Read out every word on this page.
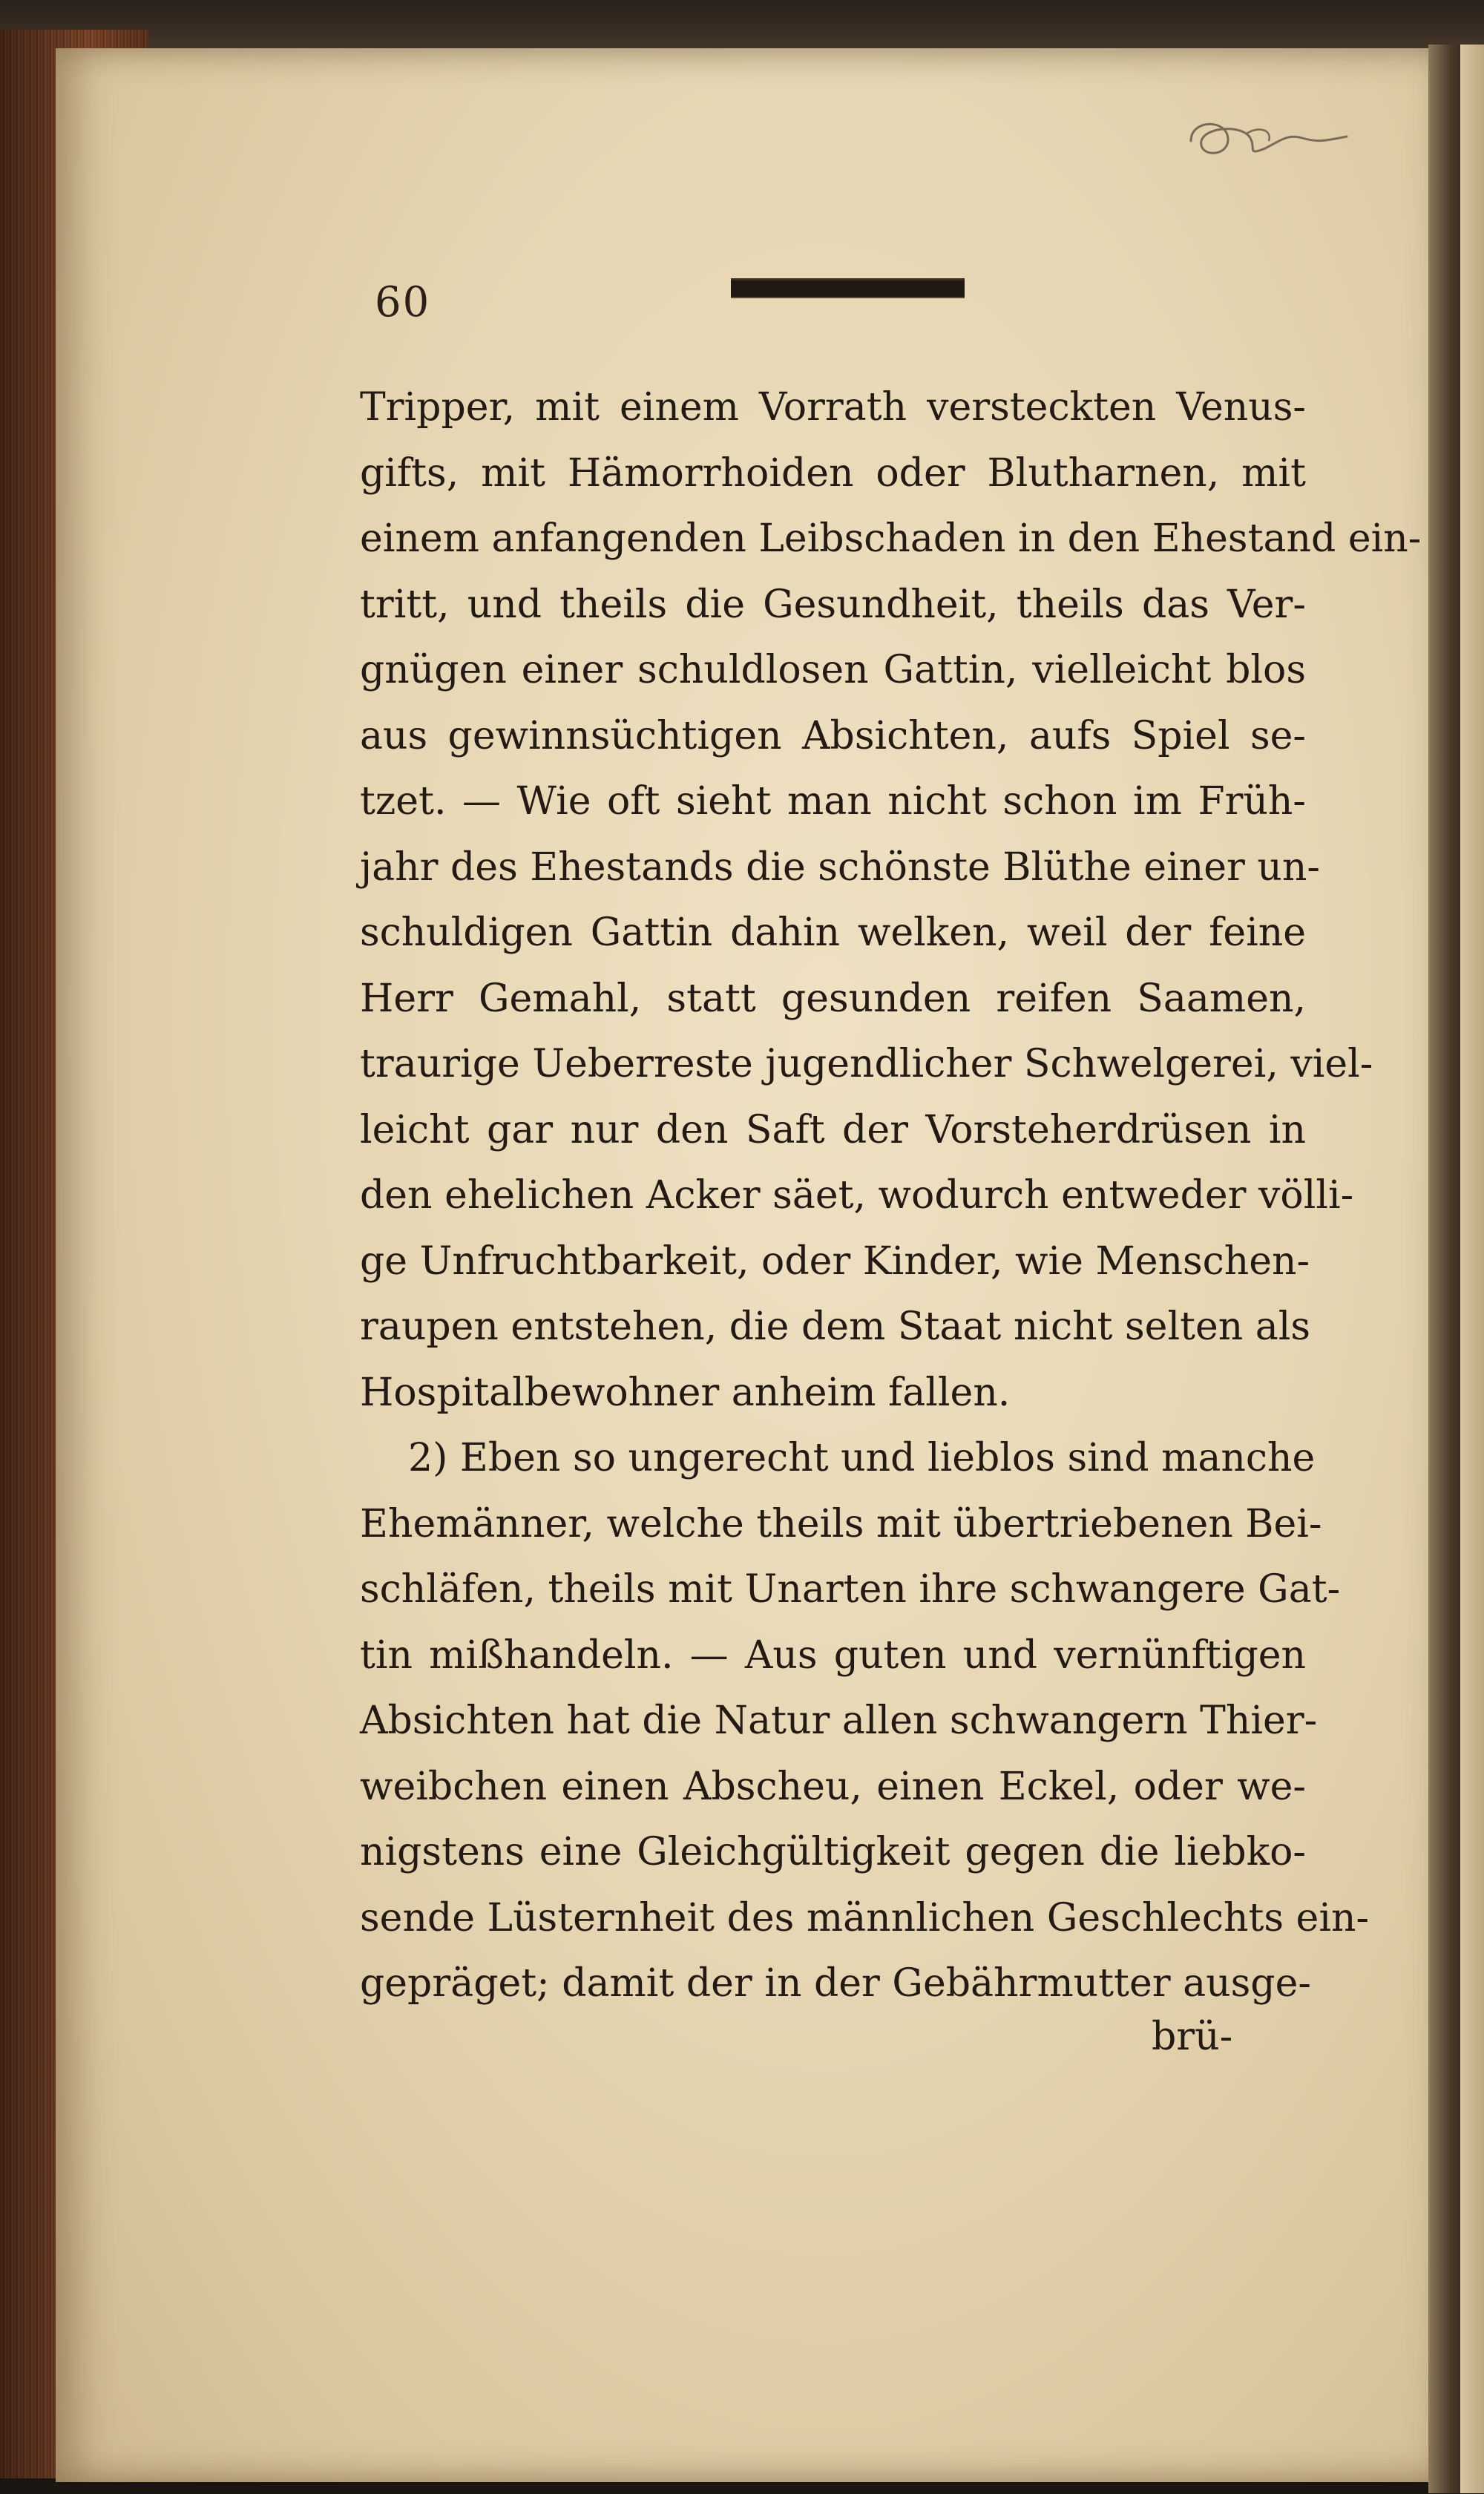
60
Tripper, mit einem Vorrath versteckten Venus-
gifts, mit Hämorrhoiden oder Blutharnen, mit
einem anfangenden Leibschaden in den Ehestand ein-
tritt, und theils die Gesundheit, theils das Ver-
gnügen einer schuldlosen Gattin, vielleicht blos
aus gewinnsüchtigen Absichten, aufs Spiel se-
tzet. — Wie oft sieht man nicht schon im Früh-
jahr des Ehestands die schönste Blüthe einer un-
schuldigen Gattin dahin welken, weil der feine
Herr Gemahl, statt gesunden reifen Saamen,
traurige Ueberreste jugendlicher Schwelgerei, viel-
leicht gar nur den Saft der Vorsteherdrüsen in
den ehelichen Acker säet, wodurch entweder völli-
ge Unfruchtbarkeit, oder Kinder, wie Menschen-
raupen entstehen, die dem Staat nicht selten als
Hospitalbewohner anheim fallen.
2) Eben so ungerecht und lieblos sind manche
Ehemänner, welche theils mit übertriebenen Bei-
schläfen, theils mit Unarten ihre schwangere Gat-
tin mißhandeln. — Aus guten und vernünftigen
Absichten hat die Natur allen schwangern Thier-
weibchen einen Abscheu, einen Eckel, oder we-
nigstens eine Gleichgültigkeit gegen die liebko-
sende Lüsternheit des männlichen Geschlechts ein-
gepräget; damit der in der Gebährmutter ausge-
brü-
